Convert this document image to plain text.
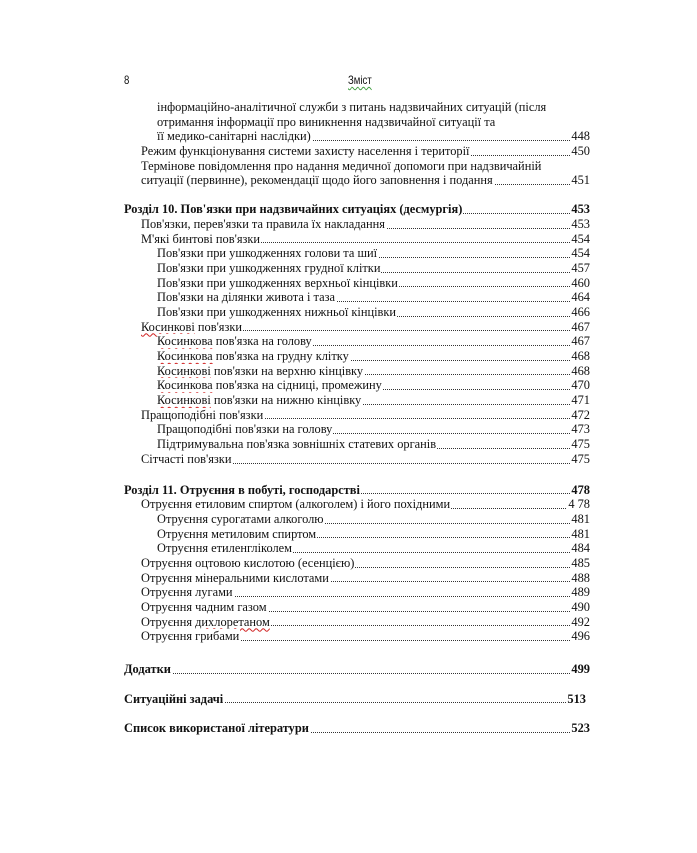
8	Зміст
інформаційно-аналітичної служби з питань надзвичайних ситуацій (після
отримання інформації про виникнення надзвичайної ситуації та
її медико-санітарні наслідки)	448
Режим функціонування системи захисту населення і території	450
Термінове повідомлення про надання медичної допомоги при надзвичайній
ситуації (первинне), рекомендації щодо його заповнення і подання	451
Розділ 10. Пов'язки при надзвичайних ситуаціях (десмургія)	453
Пов'язки, перев'язки та правила їх накладання	453
М'які бинтові пов'язки	454
Пов'язки при ушкодженнях голови та шиї	454
Пов'язки при ушкодженнях грудної клітки	457
Пов'язки при ушкодженнях верхньої кінцівки	460
Пов'язки на ділянки живота і таза	464
Пов'язки при ушкодженнях нижньої кінцівки	466
Косинкові пов'язки	467
Косинкова пов'язка на голову	467
Косинкова пов'язка на грудну клітку	468
Косинкові пов'язки на верхню кінцівку	468
Косинкова пов'язка на сідниці, промежину	470
Косинкові пов'язки на нижню кінцівку	471
Пращоподібні пов'язки	472
Пращоподібні пов'язки на голову	473
Підтримувальна пов'язка зовнішніх статевих органів	475
Сітчасті пов'язки	475
Розділ 11. Отруєння в побуті, господарстві	478
Отруєння етиловим спиртом (алкоголем) і його похідними	4 78
Отруєння сурогатами алкоголю	481
Отруєння метиловим спиртом	481
Отруєння етиленгліколем	484
Отруєння оцтовою кислотою (есенцією)	485
Отруєння мінеральними кислотами	488
Отруєння лугами	489
Отруєння чадним газом	490
Отруєння дихлоретаном	492
Отруєння грибами	496
Додатки	499
Ситуаційні задачі	513
Список використаної літератури	523
